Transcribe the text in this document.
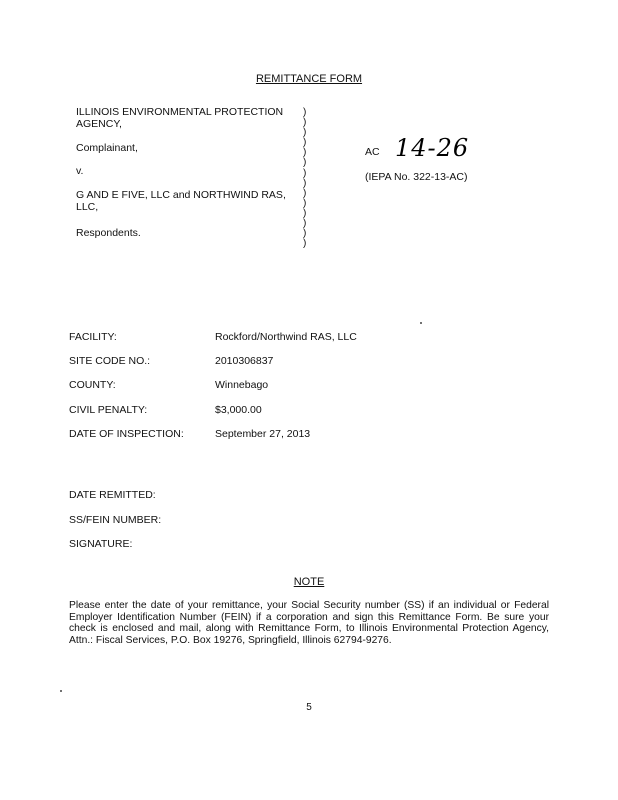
REMITTANCE FORM
ILLINOIS ENVIRONMENTAL PROTECTION
AGENCY,
Complainant,
v.
G AND E FIVE, LLC and NORTHWIND RAS,
LLC,
Respondents.
)
)
)
)
)
)
)
)
)
)
)
)
)
)
AC 14-26
(IEPA No. 322-13-AC)
FACILITY:	Rockford/Northwind RAS, LLC
SITE CODE NO.:	2010306837
COUNTY:	Winnebago
CIVIL PENALTY:	$3,000.00
DATE OF INSPECTION:	September 27, 2013
DATE REMITTED:
SS/FEIN NUMBER:
SIGNATURE:
NOTE
Please enter the date of your remittance, your Social Security number (SS) if an individual or Federal Employer Identification Number (FEIN) if a corporation and sign this Remittance Form. Be sure your check is enclosed and mail, along with Remittance Form, to Illinois Environmental Protection Agency, Attn.: Fiscal Services, P.O. Box 19276, Springfield, Illinois 62794-9276.
5
